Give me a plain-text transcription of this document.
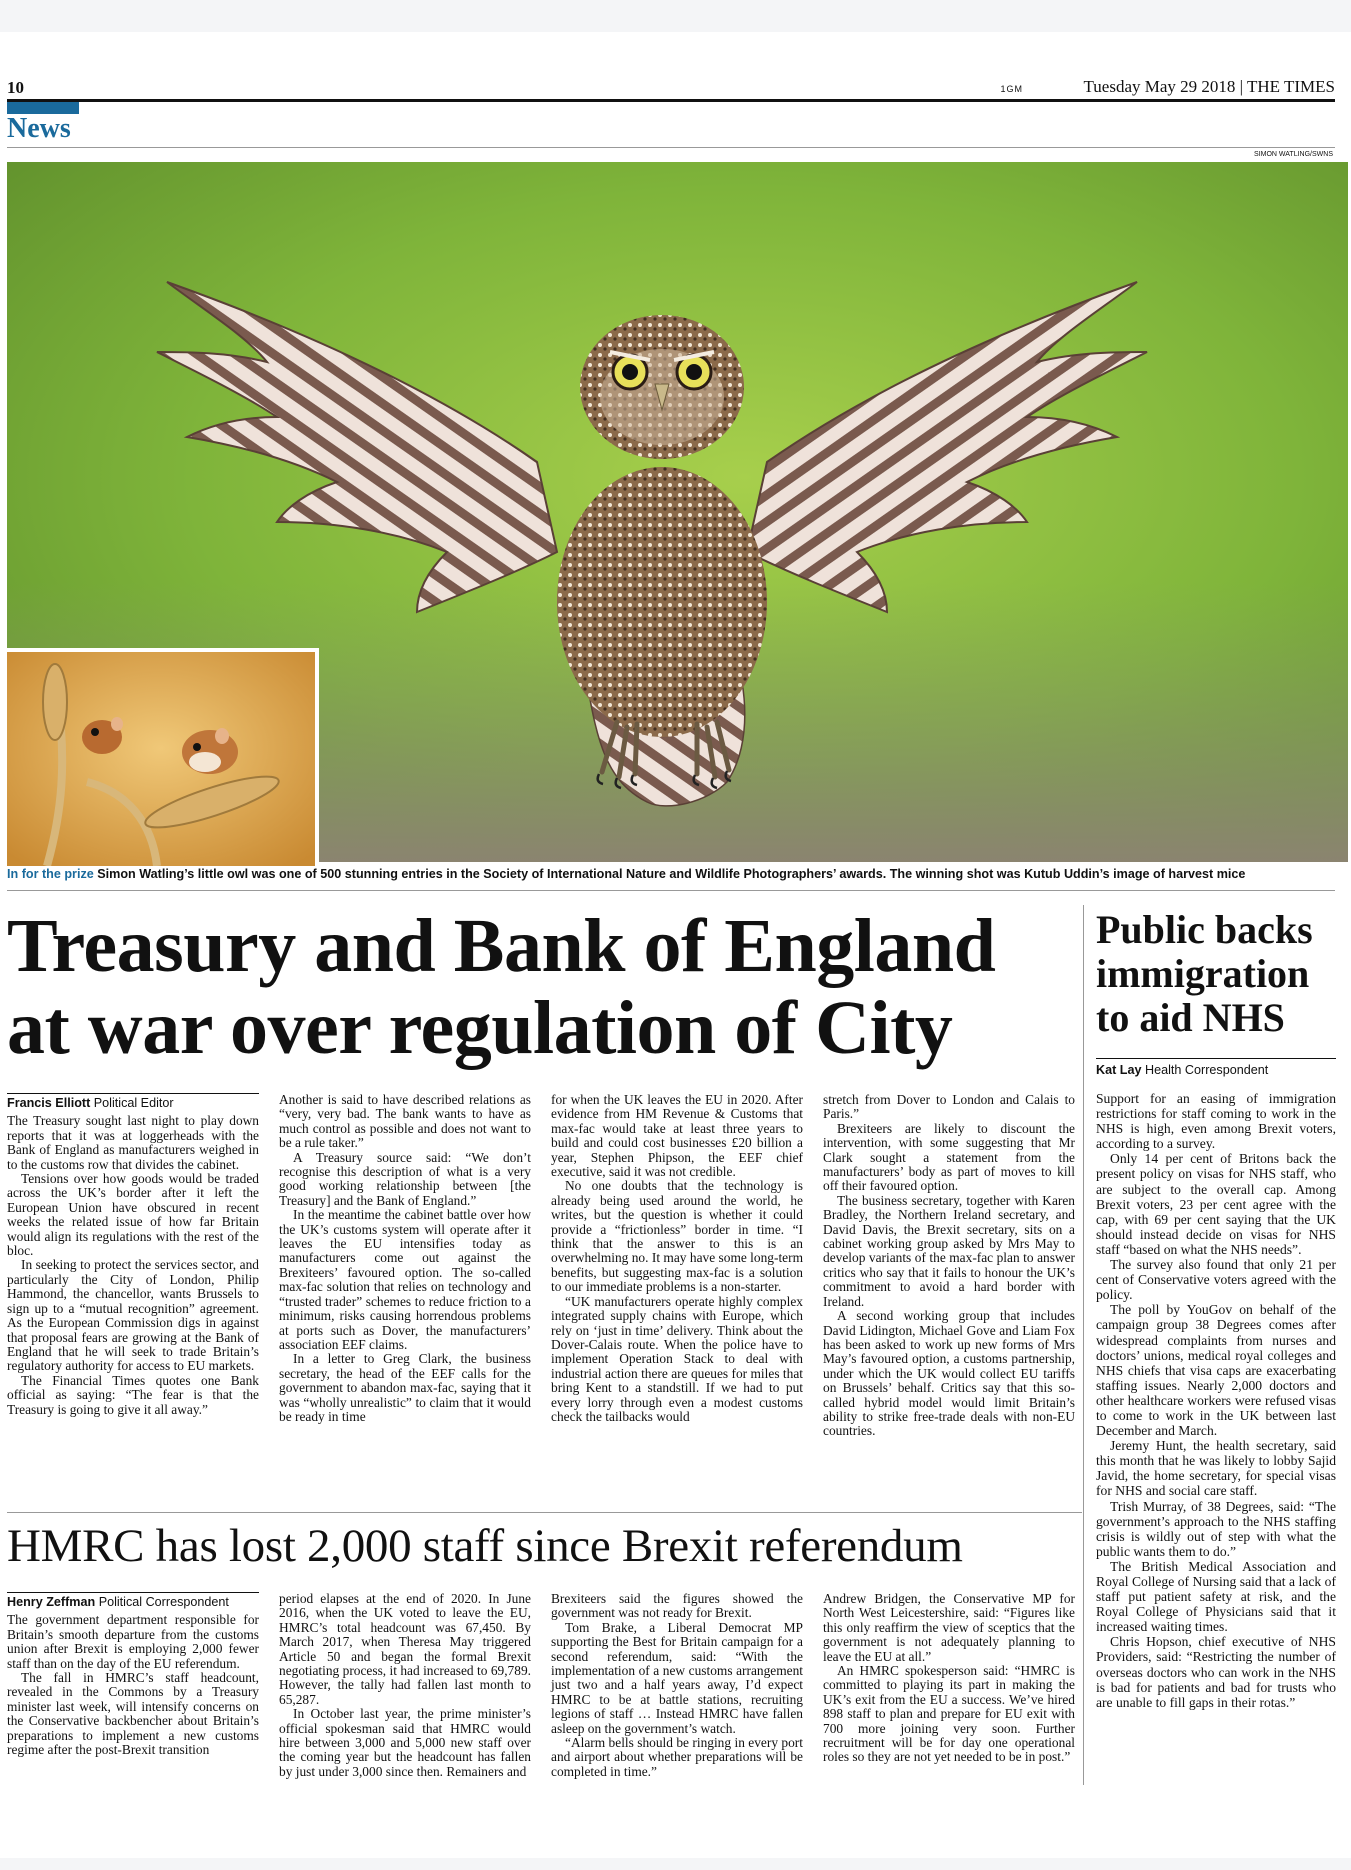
10	1GM	Tuesday May 29 2018 | THE TIMES
News
SIMON WATLING/SWNS
In for the prize Simon Watling’s little owl was one of 500 stunning entries in the Society of International Nature and Wildlife Photographers’ awards. The winning shot was Kutub Uddin’s image of harvest mice
Treasury and Bank of England at war over regulation of City
Public backs immigration to aid NHS
Francis Elliott Political Editor

The Treasury sought last night to play down reports that it was at loggerheads with the Bank of England as manufacturers weighed in to the customs row that divides the cabinet.

Tensions over how goods would be traded across the UK’s border after it left the European Union have obscured in recent weeks the related issue of how far Britain would align its regulations with the rest of the bloc.

In seeking to protect the services sector, and particularly the City of London, Philip Hammond, the chancellor, wants Brussels to sign up to a “mutual recognition” agreement. As the European Commission digs in against that proposal fears are growing at the Bank of England that he will seek to trade Britain’s regulatory authority for access to EU markets.

The Financial Times quotes one Bank official as saying: “The fear is that the Treasury is going to give it all away.”

Another is said to have described relations as “very, very bad. The bank wants to have as much control as possible and does not want to be a rule taker.”

A Treasury source said: “We don’t recognise this description of what is a very good working relationship between [the Treasury] and the Bank of England.”

In the meantime the cabinet battle over how the UK’s customs system will operate after it leaves the EU intensifies today as manufacturers come out against the Brexiteers’ favoured option. The so-called max-fac solution that relies on technology and “trusted trader” schemes to reduce friction to a minimum, risks causing horrendous problems at ports such as Dover, the manufacturers’ association EEF claims.

In a letter to Greg Clark, the business secretary, the head of the EEF calls for the government to abandon max-fac, saying that it was “wholly unrealistic” to claim that it would be ready in time

for when the UK leaves the EU in 2020. After evidence from HM Revenue & Customs that max-fac would take at least three years to build and could cost businesses £20 billion a year, Stephen Phipson, the EEF chief executive, said it was not credible.

No one doubts that the technology is already being used around the world, he writes, but the question is whether it could provide a “frictionless” border in time. “I think that the answer to this is an overwhelming no. It may have some long-term benefits, but suggesting max-fac is a solution to our immediate problems is a non-starter.

“UK manufacturers operate highly complex integrated supply chains with Europe, which rely on ‘just in time’ delivery. Think about the Dover-Calais route. When the police have to implement Operation Stack to deal with industrial action there are queues for miles that bring Kent to a standstill. If we had to put every lorry through even a modest customs check the tailbacks would

stretch from Dover to London and Calais to Paris.”

Brexiteers are likely to discount the intervention, with some suggesting that Mr Clark sought a statement from the manufacturers’ body as part of moves to kill off their favoured option.

The business secretary, together with Karen Bradley, the Northern Ireland secretary, and David Davis, the Brexit secretary, sits on a cabinet working group asked by Mrs May to develop variants of the max-fac plan to answer critics who say that it fails to honour the UK’s commitment to avoid a hard border with Ireland.

A second working group that includes David Lidington, Michael Gove and Liam Fox has been asked to work up new forms of Mrs May’s favoured option, a customs partnership, under which the UK would collect EU tariffs on Brussels’ behalf. Critics say that this so-called hybrid model would limit Britain’s ability to strike free-trade deals with non-EU countries.

Kat Lay Health Correspondent

Support for an easing of immigration restrictions for staff coming to work in the NHS is high, even among Brexit voters, according to a survey.

Only 14 per cent of Britons back the present policy on visas for NHS staff, who are subject to the overall cap. Among Brexit voters, 23 per cent agree with the cap, with 69 per cent saying that the UK should instead decide on visas for NHS staff “based on what the NHS needs”.

The survey also found that only 21 per cent of Conservative voters agreed with the policy.

The poll by YouGov on behalf of the campaign group 38 Degrees comes after widespread complaints from nurses and doctors’ unions, medical royal colleges and NHS chiefs that visa caps are exacerbating staffing issues. Nearly 2,000 doctors and other healthcare workers were refused visas to come to work in the UK between last December and March.

Jeremy Hunt, the health secretary, said this month that he was likely to lobby Sajid Javid, the home secretary, for special visas for NHS and social care staff.

Trish Murray, of 38 Degrees, said: “The government’s approach to the NHS staffing crisis is wildly out of step with what the public wants them to do.”

The British Medical Association and Royal College of Nursing said that a lack of staff put patient safety at risk, and the Royal College of Physicians said that it increased waiting times.

Chris Hopson, chief executive of NHS Providers, said: “Restricting the number of overseas doctors who can work in the NHS is bad for patients and bad for trusts who are unable to fill gaps in their rotas.”

HMRC has lost 2,000 staff since Brexit referendum
Henry Zeffman Political Correspondent

The government department responsible for Britain’s smooth departure from the customs union after Brexit is employing 2,000 fewer staff than on the day of the EU referendum.

The fall in HMRC’s staff headcount, revealed in the Commons by a Treasury minister last week, will intensify concerns on the Conservative backbencher about Britain’s preparations to implement a new customs regime after the post-Brexit transition

period elapses at the end of 2020. In June 2016, when the UK voted to leave the EU, HMRC’s total headcount was 67,450. By March 2017, when Theresa May triggered Article 50 and began the formal Brexit negotiating process, it had increased to 69,789. However, the tally had fallen last month to 65,287.

In October last year, the prime minister’s official spokesman said that HMRC would hire between 3,000 and 5,000 new staff over the coming year but the headcount has fallen by just under 3,000 since then. Remainers and

Brexiteers said the figures showed the government was not ready for Brexit.

Tom Brake, a Liberal Democrat MP supporting the Best for Britain campaign for a second referendum, said: “With the implementation of a new customs arrangement just two and a half years away, I’d expect HMRC to be at battle stations, recruiting legions of staff … Instead HMRC have fallen asleep on the government’s watch.

“Alarm bells should be ringing in every port and airport about whether preparations will be completed in time.”

Andrew Bridgen, the Conservative MP for North West Leicestershire, said: “Figures like this only reaffirm the view of sceptics that the government is not adequately planning to leave the EU at all.”

An HMRC spokesperson said: “HMRC is committed to playing its part in making the UK’s exit from the EU a success. We’ve hired 898 staff to plan and prepare for EU exit with 700 more joining very soon. Further recruitment will be for day one operational roles so they are not yet needed to be in post.”
